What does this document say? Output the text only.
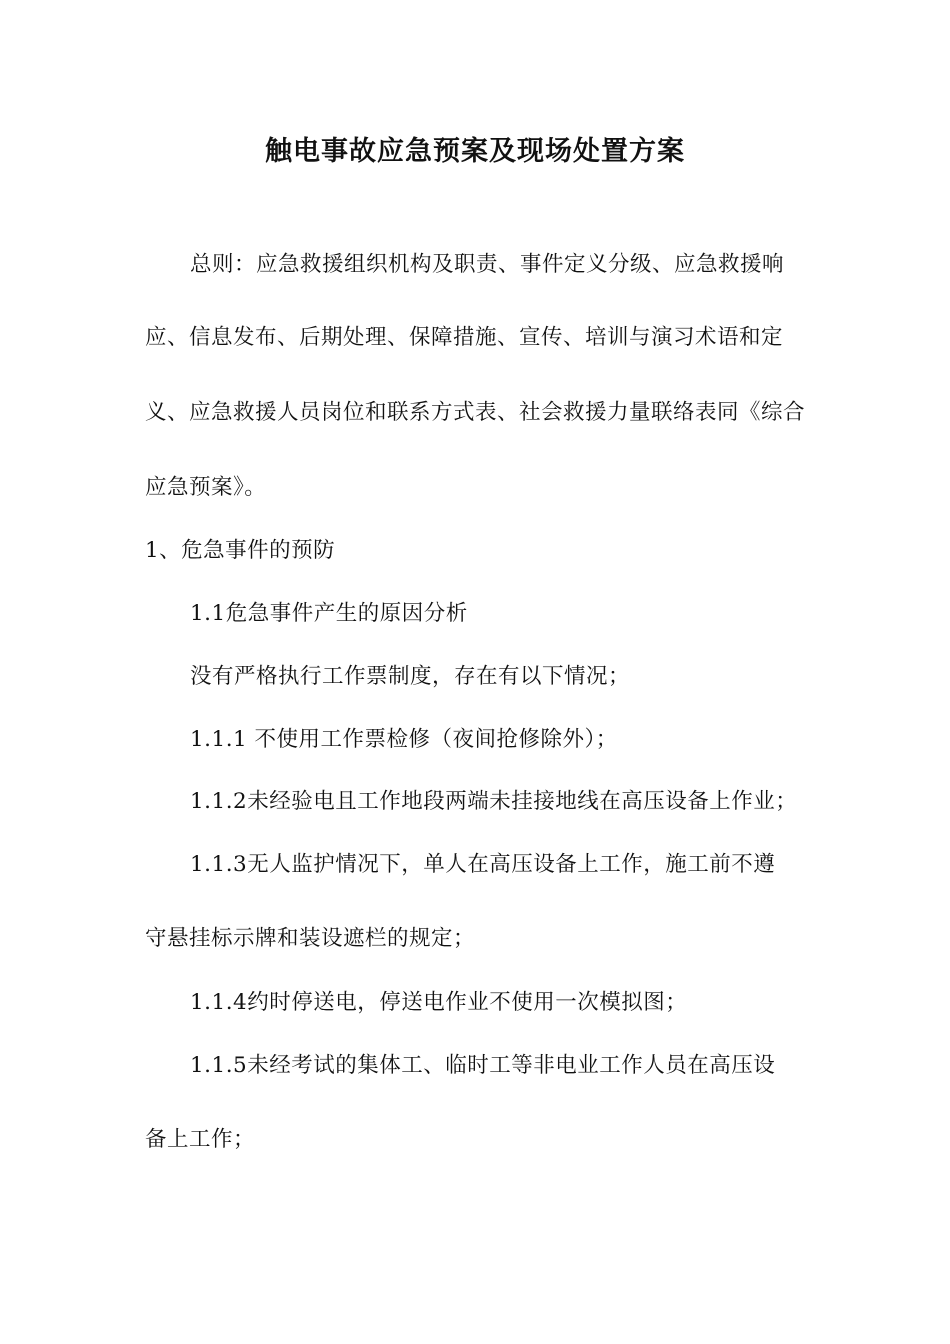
触电事故应急预案及现场处置方案
总则：应急救援组织机构及职责、事件定义分级、应急救援响
应、信息发布、后期处理、保障措施、宣传、培训与演习术语和定
义、应急救援人员岗位和联系方式表、社会救援力量联络表同《综合
应急预案》。
1、危急事件的预防
1.1危急事件产生的原因分析
没有严格执行工作票制度，存在有以下情况；
1.1.1 不使用工作票检修（夜间抢修除外）；
1.1.2未经验电且工作地段两端未挂接地线在高压设备上作业；
1.1.3无人监护情况下，单人在高压设备上工作，施工前不遵
守悬挂标示牌和装设遮栏的规定；
1.1.4约时停送电，停送电作业不使用一次模拟图；
1.1.5未经考试的集体工、临时工等非电业工作人员在高压设
备上工作；
